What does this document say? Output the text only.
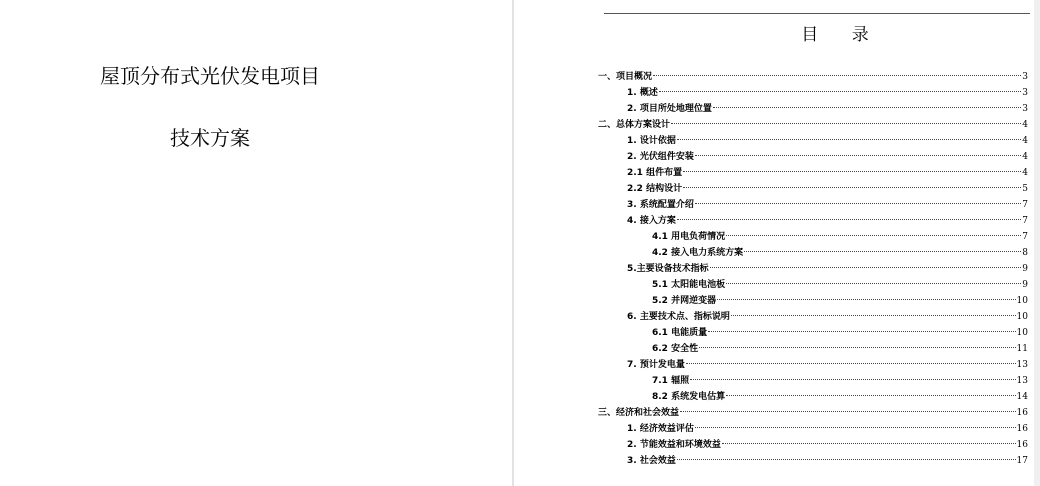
屋顶分布式光伏发电项目
技术方案
目 录
一、项目概况	3
1. 概述	3
2. 项目所处地理位置	3
二、总体方案设计	4
1. 设计依据	4
2. 光伏组件安装	4
2.1 组件布置	4
2.2 结构设计	5
3. 系统配置介绍	7
4. 接入方案	7
4.1 用电负荷情况	7
4.2 接入电力系统方案	8
5.主要设备技术指标	9
5.1 太阳能电池板	9
5.2 并网逆变器	10
6. 主要技术点、指标说明	10
6.1 电能质量	10
6.2 安全性	11
7. 预计发电量	13
7.1 辐照	13
8.2 系统发电估算	14
三、经济和社会效益	16
1. 经济效益评估	16
2. 节能效益和环境效益	16
3. 社会效益	17
